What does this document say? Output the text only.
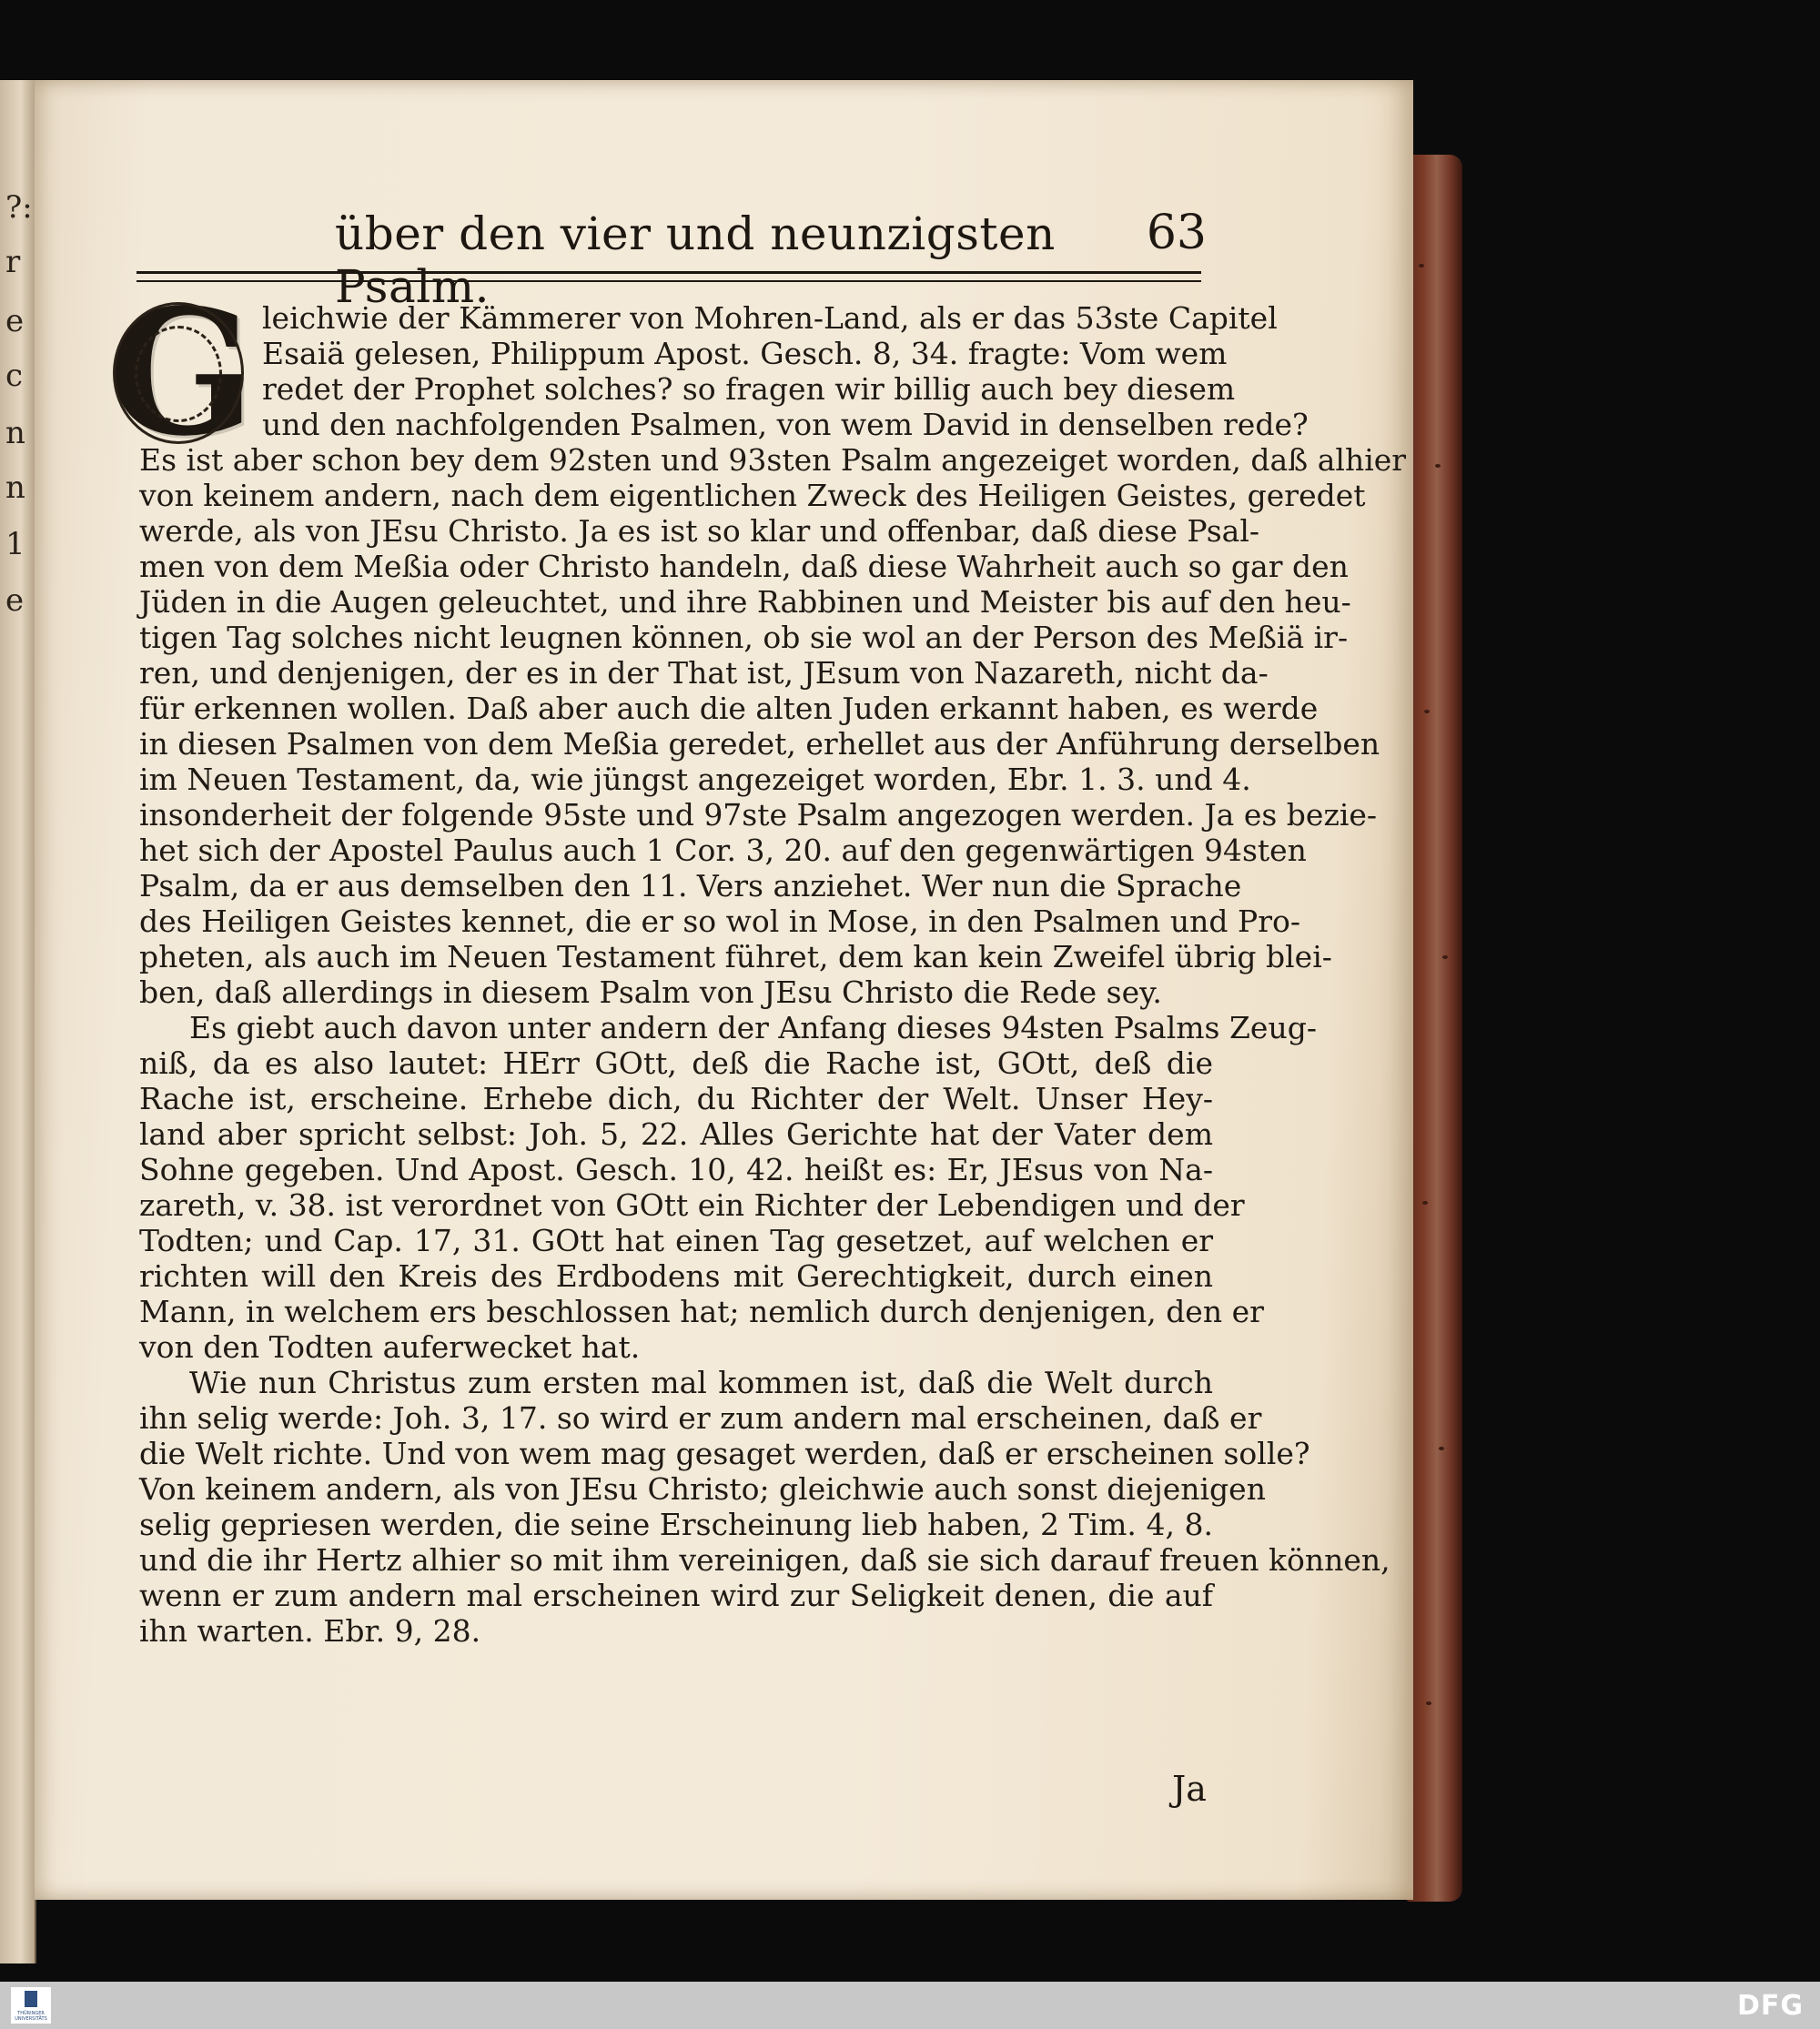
?:
r
e
c
n
n
1
e
über den vier und neunzigsten Psalm.
63
G leichwie der Kämmerer von Mohren-Land, als er das 53ste Capitel
Esaiä gelesen, Philippum Apost. Gesch. 8, 34. fragte: Vom wem
redet der Prophet solches? so fragen wir billig auch bey diesem
und den nachfolgenden Psalmen, von wem David in denselben rede?
Es ist aber schon bey dem 92sten und 93sten Psalm angezeiget worden, daß alhier
von keinem andern, nach dem eigentlichen Zweck des Heiligen Geistes, geredet
werde, als von JEsu Christo. Ja es ist so klar und offenbar, daß diese Psal-
men von dem Meßia oder Christo handeln, daß diese Wahrheit auch so gar den
Jüden in die Augen geleuchtet, und ihre Rabbinen und Meister bis auf den heu-
tigen Tag solches nicht leugnen können, ob sie wol an der Person des Meßiä ir-
ren, und denjenigen, der es in der That ist, JEsum von Nazareth, nicht da-
für erkennen wollen. Daß aber auch die alten Juden erkannt haben, es werde
in diesen Psalmen von dem Meßia geredet, erhellet aus der Anführung derselben
im Neuen Testament, da, wie jüngst angezeiget worden, Ebr. 1. 3. und 4.
insonderheit der folgende 95ste und 97ste Psalm angezogen werden. Ja es bezie-
het sich der Apostel Paulus auch 1 Cor. 3, 20. auf den gegenwärtigen 94sten
Psalm, da er aus demselben den 11. Vers anziehet. Wer nun die Sprache
des Heiligen Geistes kennet, die er so wol in Mose, in den Psalmen und Pro-
pheten, als auch im Neuen Testament führet, dem kan kein Zweifel übrig blei-
ben, daß allerdings in diesem Psalm von JEsu Christo die Rede sey.
Es giebt auch davon unter andern der Anfang dieses 94sten Psalms Zeug-
niß, da es also lautet: HErr GOtt, deß die Rache ist, GOtt, deß die
Rache ist, erscheine. Erhebe dich, du Richter der Welt. Unser Hey-
land aber spricht selbst: Joh. 5, 22. Alles Gerichte hat der Vater dem
Sohne gegeben. Und Apost. Gesch. 10, 42. heißt es: Er, JEsus von Na-
zareth, v. 38. ist verordnet von GOtt ein Richter der Lebendigen und der
Todten; und Cap. 17, 31. GOtt hat einen Tag gesetzet, auf welchen er
richten will den Kreis des Erdbodens mit Gerechtigkeit, durch einen
Mann, in welchem ers beschlossen hat; nemlich durch denjenigen, den er
von den Todten auferwecket hat.
Wie nun Christus zum ersten mal kommen ist, daß die Welt durch
ihn selig werde: Joh. 3, 17. so wird er zum andern mal erscheinen, daß er
die Welt richte. Und von wem mag gesaget werden, daß er erscheinen solle?
Von keinem andern, als von JEsu Christo; gleichwie auch sonst diejenigen
selig gepriesen werden, die seine Erscheinung lieb haben, 2 Tim. 4, 8.
und die ihr Hertz alhier so mit ihm vereinigen, daß sie sich darauf freuen können,
wenn er zum andern mal erscheinen wird zur Seligkeit denen, die auf
ihn warten. Ebr. 9, 28.
Ja
THÜRINGER UNIVERSITÄTS	DFG
